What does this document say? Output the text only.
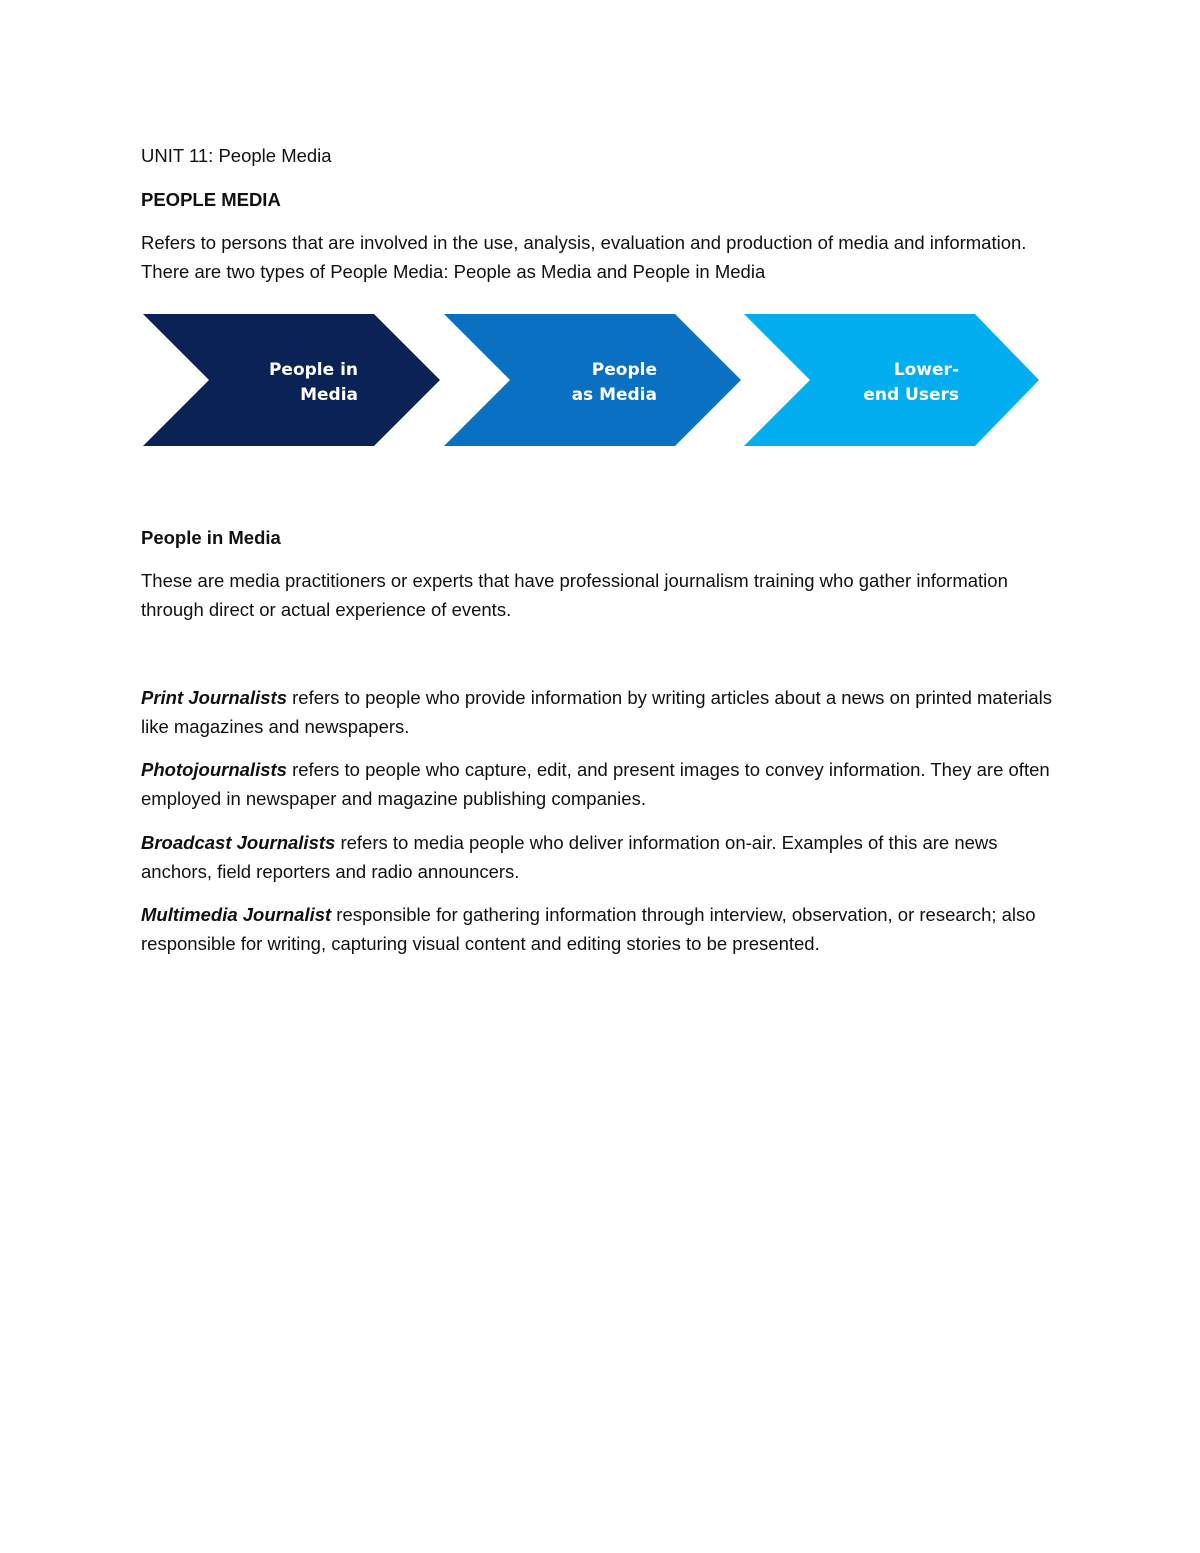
UNIT 11: People Media
PEOPLE MEDIA
Refers to persons that are involved in the use, analysis, evaluation and production of media and information. There are two types of People Media: People as Media and People in Media
People in
Media
People
as Media
Lower-
end Users
People in Media
These are media practitioners or experts that have professional journalism training who gather information through direct or actual experience of events.
Print Journalists refers to people who provide information by writing articles about a news on printed materials like magazines and newspapers.
Photojournalists refers to people who capture, edit, and present images to convey information. They are often employed in newspaper and magazine publishing companies.
Broadcast Journalists refers to media people who deliver information on-air. Examples of this are news anchors, field reporters and radio announcers.
Multimedia Journalist responsible for gathering information through interview, observation, or research; also responsible for writing, capturing visual content and editing stories to be presented.
